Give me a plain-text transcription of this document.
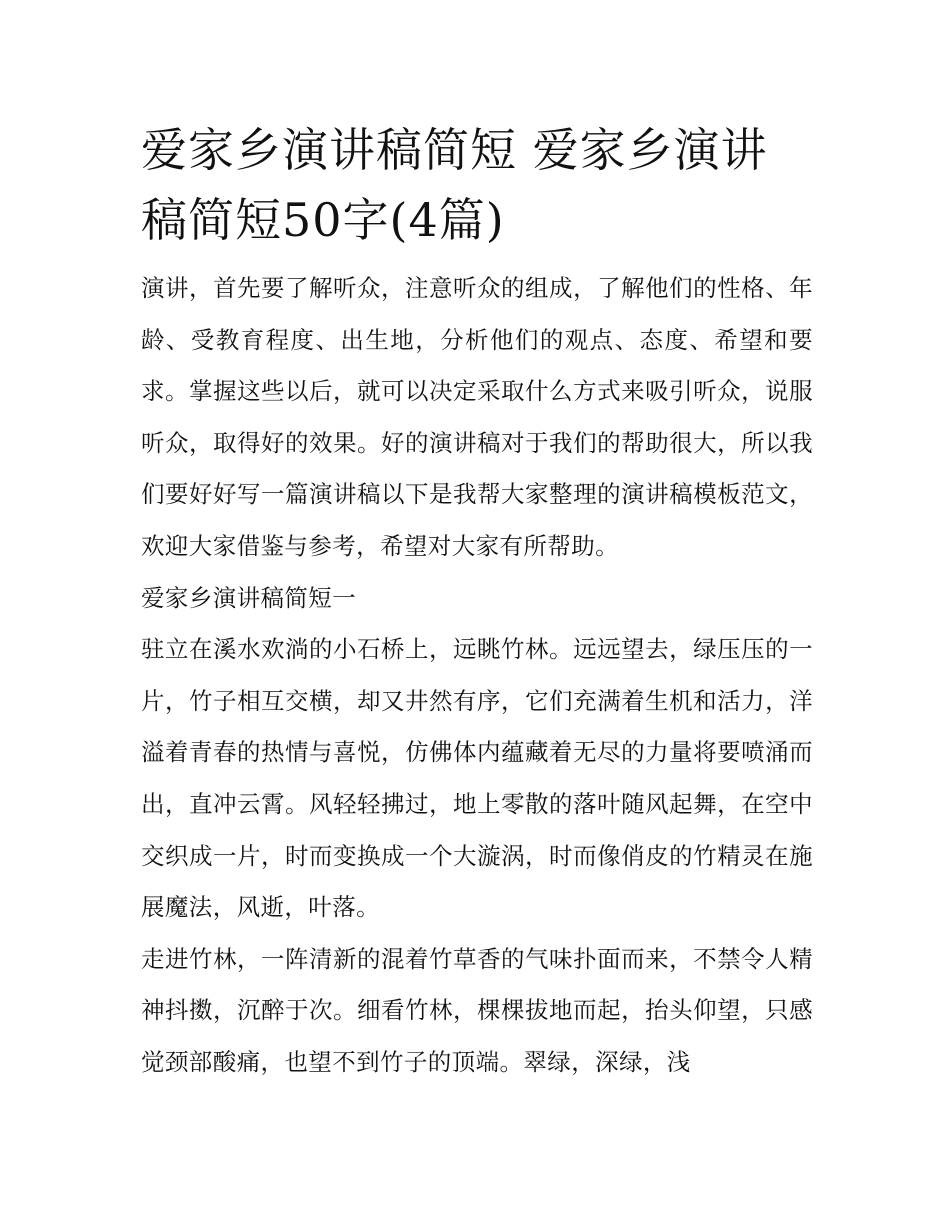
爱家乡演讲稿简短 爱家乡演讲稿简短50字(4篇)

演讲，首先要了解听众，注意听众的组成，了解他们的性格、年龄、受教育程度、出生地，分析他们的观点、态度、希望和要求。掌握这些以后，就可以决定采取什么方式来吸引听众，说服听众，取得好的效果。好的演讲稿对于我们的帮助很大，所以我们要好好写一篇演讲稿以下是我帮大家整理的演讲稿模板范文，欢迎大家借鉴与参考，希望对大家有所帮助。

爱家乡演讲稿简短一

驻立在溪水欢淌的小石桥上，远眺竹林。远远望去，绿压压的一片，竹子相互交横，却又井然有序，它们充满着生机和活力，洋溢着青春的热情与喜悦，仿佛体内蕴藏着无尽的力量将要喷涌而出，直冲云霄。风轻轻拂过，地上零散的落叶随风起舞，在空中交织成一片，时而变换成一个大漩涡，时而像俏皮的竹精灵在施展魔法，风逝，叶落。

走进竹林，一阵清新的混着竹草香的气味扑面而来，不禁令人精神抖擞，沉醉于次。细看竹林，棵棵拔地而起，抬头仰望，只感觉颈部酸痛，也望不到竹子的顶端。翠绿，深绿，浅
